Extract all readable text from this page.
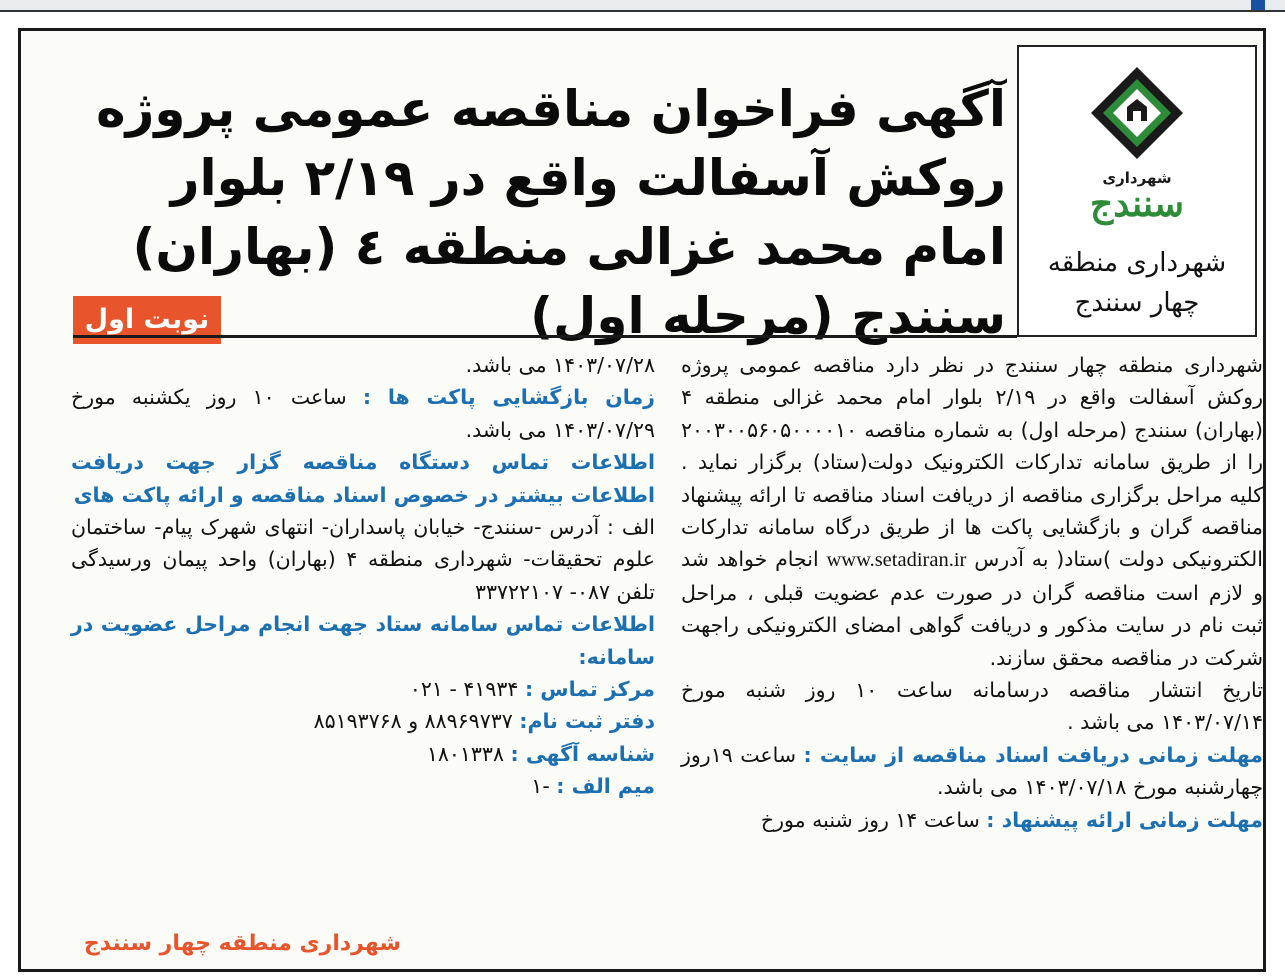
شهرداری
سنندج
شهرداری منطقه چهار سنندج
آگهی فراخوان مناقصه عمومی پروژه روکش آسفالت واقع در ۲/۱۹ بلوار امام محمد غزالی منطقه ٤ (بهاران) سنندج (مرحله اول)
نوبت اول

شهرداری منطقه چهار سنندج در نظر دارد مناقصه عمومی پروژه روکش آسفالت واقع در ۲/۱۹ بلوار امام محمد غزالی منطقه ۴ (بهاران) سنندج (مرحله اول) به شماره مناقصه ۲۰۰۳۰۰۵۶۰۵۰۰۰۰۱۰ را از طریق سامانه تدارکات الکترونیک دولت(ستاد) برگزار نماید . کلیه مراحل برگزاری مناقصه از دریافت اسناد مناقصه تا ارائه پیشنهاد مناقصه گران و بازگشایی پاکت ها از طریق درگاه سامانه تدارکات الکترونیکی دولت )ستاد( به آدرس www.setadiran.ir انجام خواهد شد و لازم است مناقصه گران در صورت عدم عضویت قبلی ، مراحل ثبت نام در سایت مذکور و دریافت گواهی امضای الکترونیکی راجهت شرکت در مناقصه محقق سازند.

تاریخ انتشار مناقصه درسامانه ساعت ۱۰ روز شنبه مورخ ۱۴۰۳/۰۷/۱۴ می باشد .

مهلت زمانی دریافت اسناد مناقصه از سایت : ساعت ۱۹روز چهارشنبه مورخ ۱۴۰۳/۰۷/۱۸ می باشد.

مهلت زمانی ارائه پیشنهاد : ساعت ۱۴ روز شنبه مورخ

۱۴۰۳/۰۷/۲۸ می باشد.

زمان بازگشایی پاکت ها : ساعت ۱۰ روز یکشنبه مورخ ۱۴۰۳/۰۷/۲۹ می باشد.

اطلاعات تماس دستگاه مناقصه گزار جهت دریافت اطلاعات بیشتر در خصوص اسناد مناقصه و ارائه پاکت های

الف : آدرس -سنندج- خیابان پاسداران- انتهای شهرک پیام- ساختمان علوم تحقیقات- شهرداری منطقه ۴ (بهاران) واحد پیمان ورسیدگی تلفن ۰۸۷- ۳۳۷۲۲۱۰۷

اطلاعات تماس سامانه ستاد جهت انجام مراحل عضویت در سامانه:

مرکز تماس : ۴۱۹۳۴ - ۰۲۱

دفتر ثبت نام: ۸۸۹۶۹۷۳۷ و ۸۵۱۹۳۷۶۸

شناسه آگهی : ۱۸۰۱۳۳۸

میم الف : -۱

شهرداری منطقه چهار سنندج
